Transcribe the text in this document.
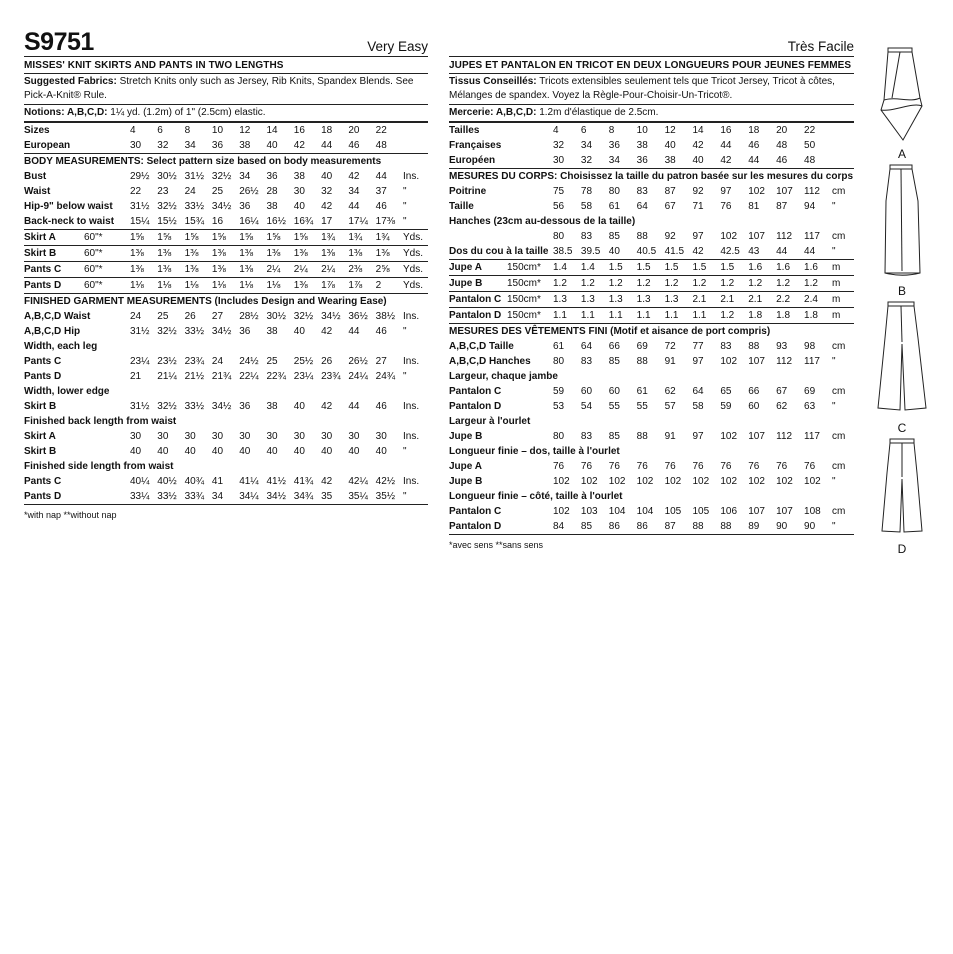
S9751	Very Easy
MISSES' KNIT SKIRTS AND PANTS IN TWO LENGTHS
Suggested Fabrics: Stretch Knits only such as Jersey, Rib Knits, Spandex Blends. See Pick-A-Knit® Rule.
Notions: A,B,C,D: 1¼ yd. (1.2m) of 1" (2.5cm) elastic.
Sizes		4	6	8	10	12	14	16	18	20	22	
European		30	32	34	36	38	40	42	44	46	48	
BODY MEASUREMENTS: Select pattern size based on body measurements												
Bust		29½	30½	31½	32½	34	36	38	40	42	44	Ins.
Waist		22	23	24	25	26½	28	30	32	34	37	"
Hip-9" below waist		31½	32½	33½	34½	36	38	40	42	44	46	"
Back-neck to waist		15¼	15½	15¾	16	16¼	16½	16¾	17	17¼	17⅜	"
Skirt A	60"*	1⅝	1⅝	1⅝	1⅝	1⅝	1⅝	1⅝	1¾	1¾	1¾	Yds.
Skirt B	60"*	1⅜	1⅜	1⅜	1⅜	1⅜	1⅜	1⅜	1⅜	1⅜	1⅜	Yds.
Pants C	60"*	1⅜	1⅜	1⅜	1⅜	1⅜	2¼	2¼	2¼	2⅜	2⅝	Yds.
Pants D	60"*	1⅛	1⅛	1⅛	1⅛	1⅛	1⅛	1⅜	1⅞	1⅞	2	Yds.
FINISHED GARMENT MEASUREMENTS (Includes Design and Wearing Ease)												
A,B,C,D Waist		24	25	26	27	28½	30½	32½	34½	36½	38½	Ins.
A,B,C,D Hip		31½	32½	33½	34½	36	38	40	42	44	46	"
Width, each leg												
Pants C		23¼	23½	23¾	24	24½	25	25½	26	26½	27	Ins.
Pants D		21	21¼	21½	21¾	22¼	22¾	23¼	23¾	24¼	24¾	"
Width, lower edge												
Skirt B		31½	32½	33½	34½	36	38	40	42	44	46	Ins.
Finished back length from waist												
Skirt A		30	30	30	30	30	30	30	30	30	30	Ins.
Skirt B		40	40	40	40	40	40	40	40	40	40	"
Finished side length from waist												
Pants C		40¼	40½	40¾	41	41¼	41½	41¾	42	42¼	42½	Ins.
Pants D		33¼	33½	33¾	34	34¼	34½	34¾	35	35¼	35½	"
*with nap **without nap
Très Facile
JUPES ET PANTALON EN TRICOT EN DEUX LONGUEURS POUR JEUNES FEMMES
Tissus Conseillés: Tricots extensibles seulement tels que Tricot Jersey, Tricot à côtes, Mélanges de spandex. Voyez la Règle-Pour-Choisir-Un-Tricot®.
Mercerie: A,B,C,D: 1.2m d'élastique de 2.5cm.
Tailles		4	6	8	10	12	14	16	18	20	22	
Françaises		32	34	36	38	40	42	44	46	48	50	
Européen		30	32	34	36	38	40	42	44	46	48	
MESURES DU CORPS: Choisissez la taille du patron basée sur les mesures du corps												
Poitrine		75	78	80	83	87	92	97	102	107	112	cm
Taille		56	58	61	64	67	71	76	81	87	94	"
Hanches (23cm au-dessous de la taille)												
		80	83	85	88	92	97	102	107	112	117	cm
Dos du cou à la taille		38.5	39.5	40	40.5	41.5	42	42.5	43	44	44	"
Jupe A	150cm*	1.4	1.4	1.5	1.5	1.5	1.5	1.5	1.6	1.6	1.6	m
Jupe B	150cm*	1.2	1.2	1.2	1.2	1.2	1.2	1.2	1.2	1.2	1.2	m
Pantalon C	150cm*	1.3	1.3	1.3	1.3	1.3	2.1	2.1	2.1	2.2	2.4	m
Pantalon D	150cm*	1.1	1.1	1.1	1.1	1.1	1.1	1.2	1.8	1.8	1.8	m
MESURES DES VÊTEMENTS FINI (Motif et aisance de port compris)												
A,B,C,D Taille		61	64	66	69	72	77	83	88	93	98	cm
A,B,C,D Hanches		80	83	85	88	91	97	102	107	112	117	"
Largeur, chaque jambe												
Pantalon C		59	60	60	61	62	64	65	66	67	69	cm
Pantalon D		53	54	55	55	57	58	59	60	62	63	"
Largeur à l'ourlet												
Jupe B		80	83	85	88	91	97	102	107	112	117	cm
Longueur finie – dos, taille à l'ourlet												
Jupe A		76	76	76	76	76	76	76	76	76	76	cm
Jupe B		102	102	102	102	102	102	102	102	102	102	"
Longueur finie – côté, taille à l'ourlet												
Pantalon C		102	103	104	104	105	105	106	107	107	108	cm
Pantalon D		84	85	86	86	87	88	88	89	90	90	"
*avec sens **sans sens
A
B
C
D
